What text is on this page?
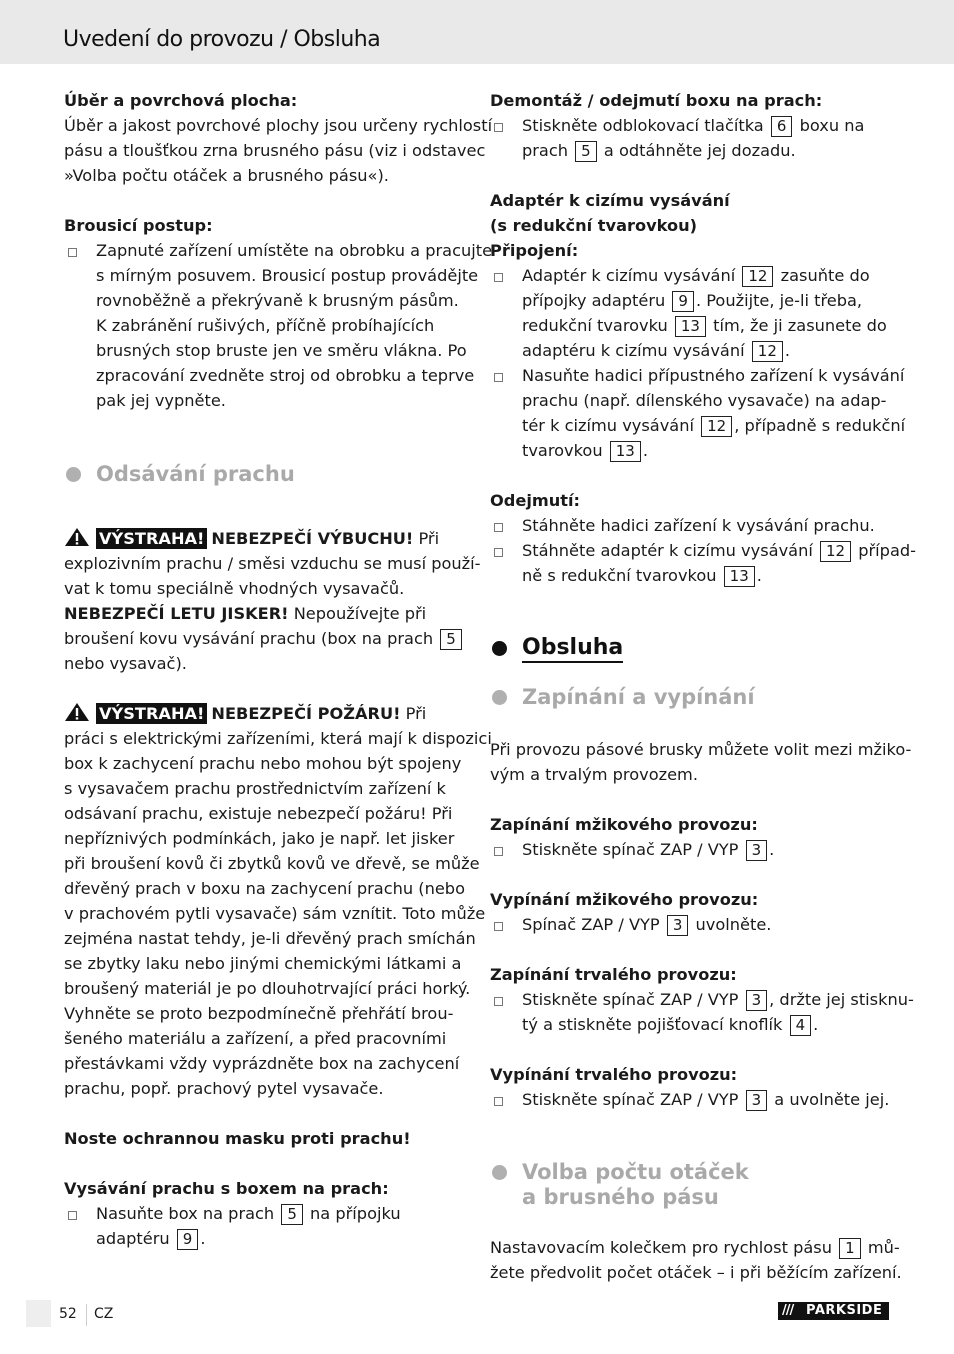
Uvedení do provozu / Obsluha
Úběr a povrchová plocha:
Úběr a jakost povrchové plochy jsou určeny rychlostí
pásu a tloušťkou zrna brusného pásu (viz i odstavec
»Volba počtu otáček a brusného pásu«).
Brousicí postup:
Zapnuté zařízení umístěte na obrobku a pracujte
s mírným posuvem. Brousicí postup provádějte
rovnoběžně a překrývaně k brusným pásům.
K zabránění rušivých, příčně probíhajících
brusných stop bruste jen ve směru vlákna. Po
zpracování zvedněte stroj od obrobku a teprve
pak jej vypněte.
Odsávání prachu
VÝSTRAHA! NEBEZPEČÍ VÝBUCHU! Při
explozivním prachu / směsi vzduchu se musí použí-
vat k tomu speciálně vhodných vysavačů.
NEBEZPEČÍ LETU JISKER! Nepoužívejte při
broušení kovu vysávání prachu (box na prach 5
nebo vysavač).
VÝSTRAHA! NEBEZPEČÍ POŽÁRU! Při
práci s elektrickými zařízeními, která mají k dispozici
box k zachycení prachu nebo mohou být spojeny
s vysavačem prachu prostřednictvím zařízení k
odsávaní prachu, existuje nebezpečí požáru! Při
nepříznivých podmínkách, jako je např. let jisker
při broušení kovů či zbytků kovů ve dřevě, se může
dřevěný prach v boxu na zachycení prachu (nebo
v prachovém pytli vysavače) sám vznítit. Toto může
zejména nastat tehdy, je-li dřevěný prach smíchán
se zbytky laku nebo jinými chemickými látkami a
broušený materiál je po dlouhotrvající práci horký.
Vyhněte se proto bezpodmínečně přehřátí brou-
šeného materiálu a zařízení, a před pracovními
přestávkami vždy vyprázdněte box na zachycení
prachu, popř. prachový pytel vysavače.
Noste ochrannou masku proti prachu!
Vysávání prachu s boxem na prach:
Nasuňte box na prach 5 na přípojku
adaptéru 9 .
Demontáž / odejmutí boxu na prach:
Stiskněte odblokovací tlačítka 6 boxu na
prach 5 a odtáhněte jej dozadu.
Adaptér k cizímu vysávání
(s redukční tvarovkou)
Připojení:
Adaptér k cizímu vysávání 12 zasuňte do
přípojky adaptéru 9 . Použijte, je-li třeba,
redukční tvarovku 13 tím, že ji zasunete do
adaptéru k cizímu vysávání 12 .
Nasuňte hadici přípustného zařízení k vysávání
prachu (např. dílenského vysavače) na adap-
tér k cizímu vysávání 12 , případně s redukční
tvarovkou 13 .
Odejmutí:
Stáhněte hadici zařízení k vysávání prachu.
Stáhněte adaptér k cizímu vysávání 12 případ-
ně s redukční tvarovkou 13 .
Obsluha
Zapínání a vypínání
Při provozu pásové brusky můžete volit mezi mžiko-
vým a trvalým provozem.
Zapínání mžikového provozu:
Stiskněte spínač ZAP / VYP 3 .
Vypínání mžikového provozu:
Spínač ZAP / VYP 3 uvolněte.
Zapínání trvalého provozu:
Stiskněte spínač ZAP / VYP 3 , držte jej stisknu-
tý a stiskněte pojišťovací knoflík 4 .
Vypínání trvalého provozu:
Stiskněte spínač ZAP / VYP 3 a uvolněte jej.
Volba počtu otáček
a brusného pásu
Nastavovacím kolečkem pro rychlost pásu 1 mů-
žete předvolit počet otáček – i při běžícím zařízení.
52 CZ	/// PARKSIDE
